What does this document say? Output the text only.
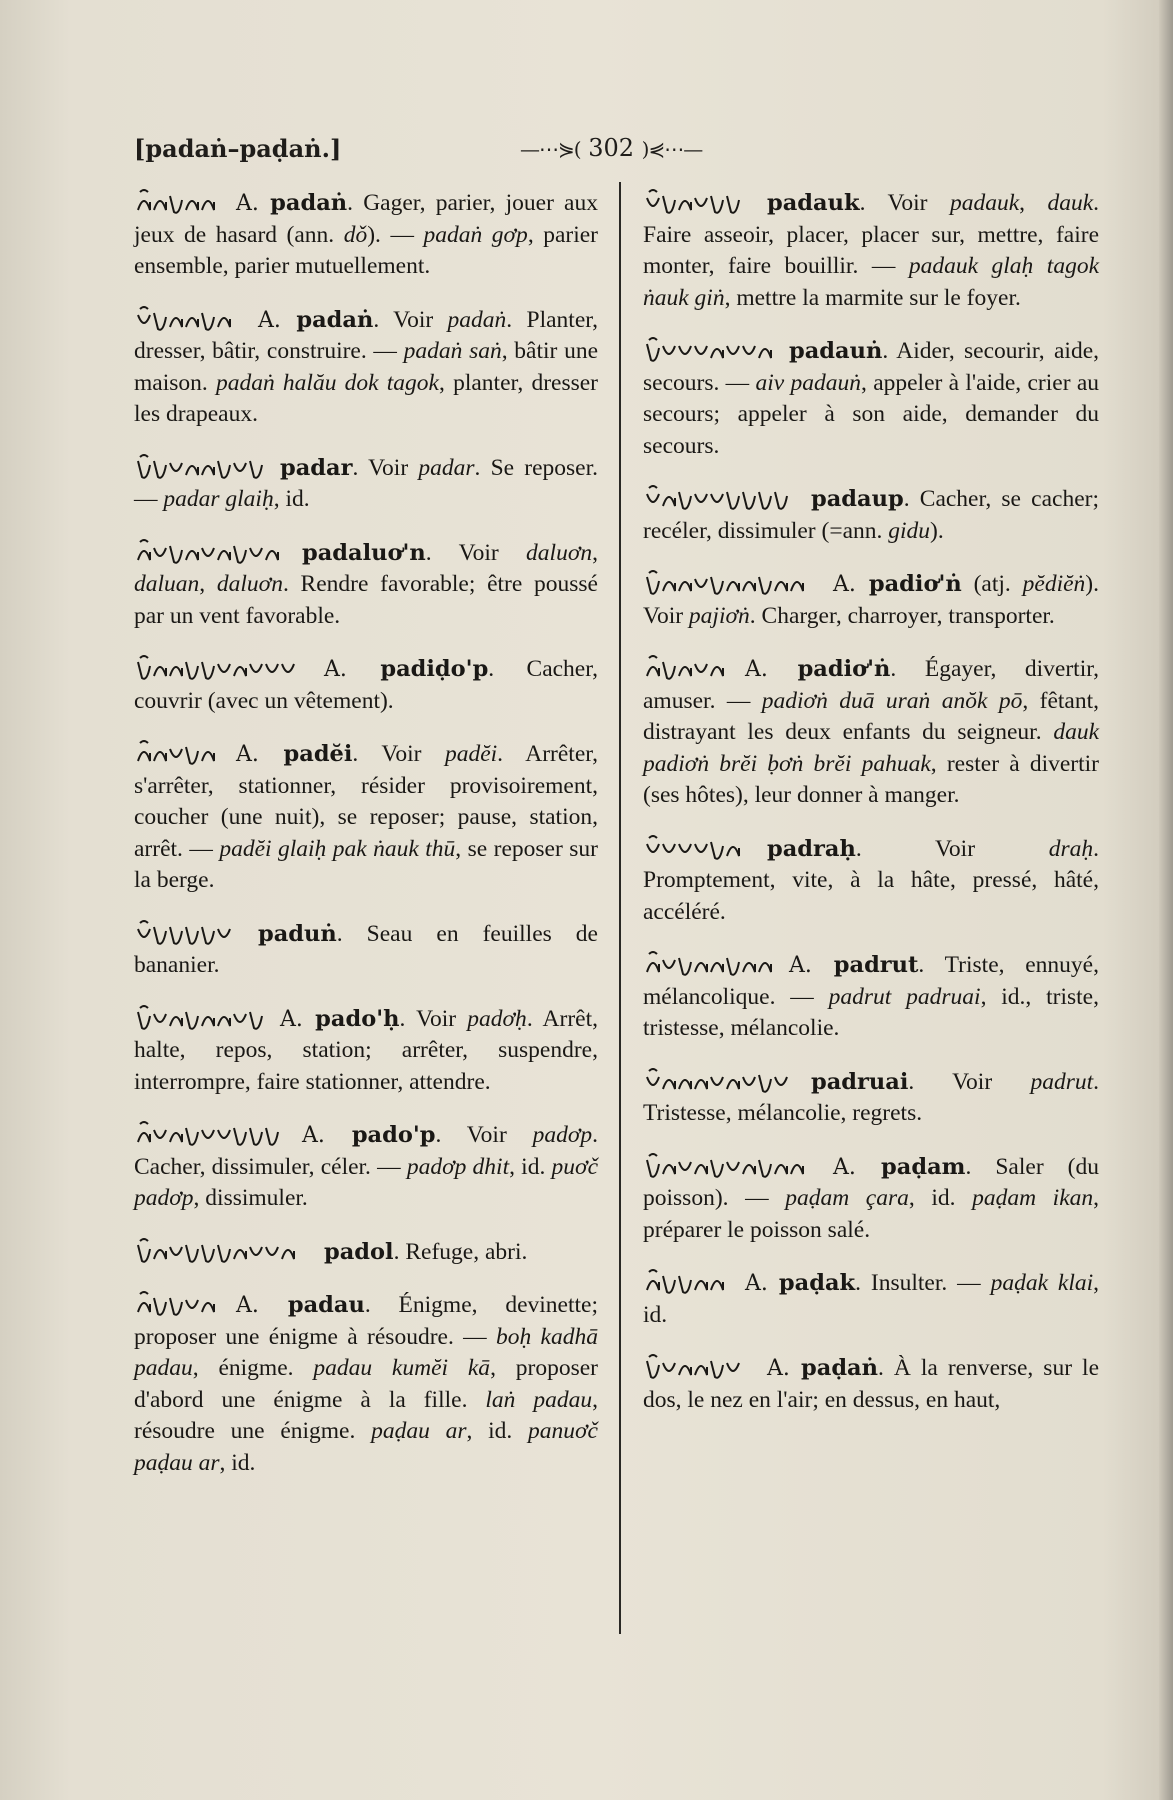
[padaṅ–paḍaṅ.]	—⋯⋟( 302 )⋞⋯—
A. padaṅ. Gager, parier, jouer aux jeux de hasard (ann. dǒ). — padaṅ gơp, parier ensemble, parier mutuellement.
A. padaṅ. Voir padaṅ. Planter, dresser, bâtir, construire. — padaṅ saṅ, bâtir une maison. padaṅ halău dok tagok, planter, dresser les drapeaux.
padar. Voir padar. Se reposer. — padar glaiḥ, id.
padaluơ'n. Voir daluơn, daluan, daluơn. Rendre favorable; être poussé par un vent favorable.
A. padiḍo'p. Cacher, couvrir (avec un vêtement).
A. padĕi. Voir padĕi. Arrêter, s'arrêter, stationner, résider provisoirement, coucher (une nuit), se reposer; pause, station, arrêt. — padĕi glaiḥ pak ṅauk thū, se reposer sur la berge.
paduṅ. Seau en feuilles de bananier.
A. pado'ḥ. Voir padơḥ. Arrêt, halte, repos, station; arrêter, suspendre, interrompre, faire stationner, attendre.
A. pado'p. Voir padơp. Cacher, dissimuler, céler. — padơp dhit, id. puơč padơp, dissimuler.
padol. Refuge, abri.
A. padau. Énigme, devinette; proposer une énigme à résoudre. — boḥ kadhā padau, énigme. padau kumĕi kā, proposer d'abord une énigme à la fille. laṅ padau, résoudre une énigme. paḍau ar, id. panuơč paḍau ar, id.
padauk. Voir padauk, dauk. Faire asseoir, placer, placer sur, mettre, faire monter, faire bouillir. — padauk glaḥ tagok ṅauk giṅ, mettre la marmite sur le foyer.
padauṅ. Aider, secourir, aide, secours. — aiv padauṅ, appeler à l'aide, crier au secours; appeler à son aide, demander du secours.
padaup. Cacher, se cacher; recéler, dissimuler (=ann. gidu).
A. padiơ'ṅ (atj. pĕdiĕṅ). Voir pajiơṅ. Charger, charroyer, transporter.
A. padiơ'ṅ. Égayer, divertir, amuser. — padiơṅ duā uraṅ anŏk pō, fêtant, distrayant les deux enfants du seigneur. dauk padiơṅ brĕi ḅơṅ brĕi pahuak, rester à divertir (ses hôtes), leur donner à manger.
padraḥ. Voir draḥ. Promptement, vite, à la hâte, pressé, hâté, accéléré.
A. padrut. Triste, ennuyé, mélancolique. — padrut padruai, id., triste, tristesse, mélancolie.
padruai. Voir padrut. Tristesse, mélancolie, regrets.
A. paḍam. Saler (du poisson). — paḍam çara, id. paḍam ikan, préparer le poisson salé.
A. paḍak. Insulter. — paḍak klai, id.
A. paḍaṅ. À la renverse, sur le dos, le nez en l'air; en dessus, en haut,
